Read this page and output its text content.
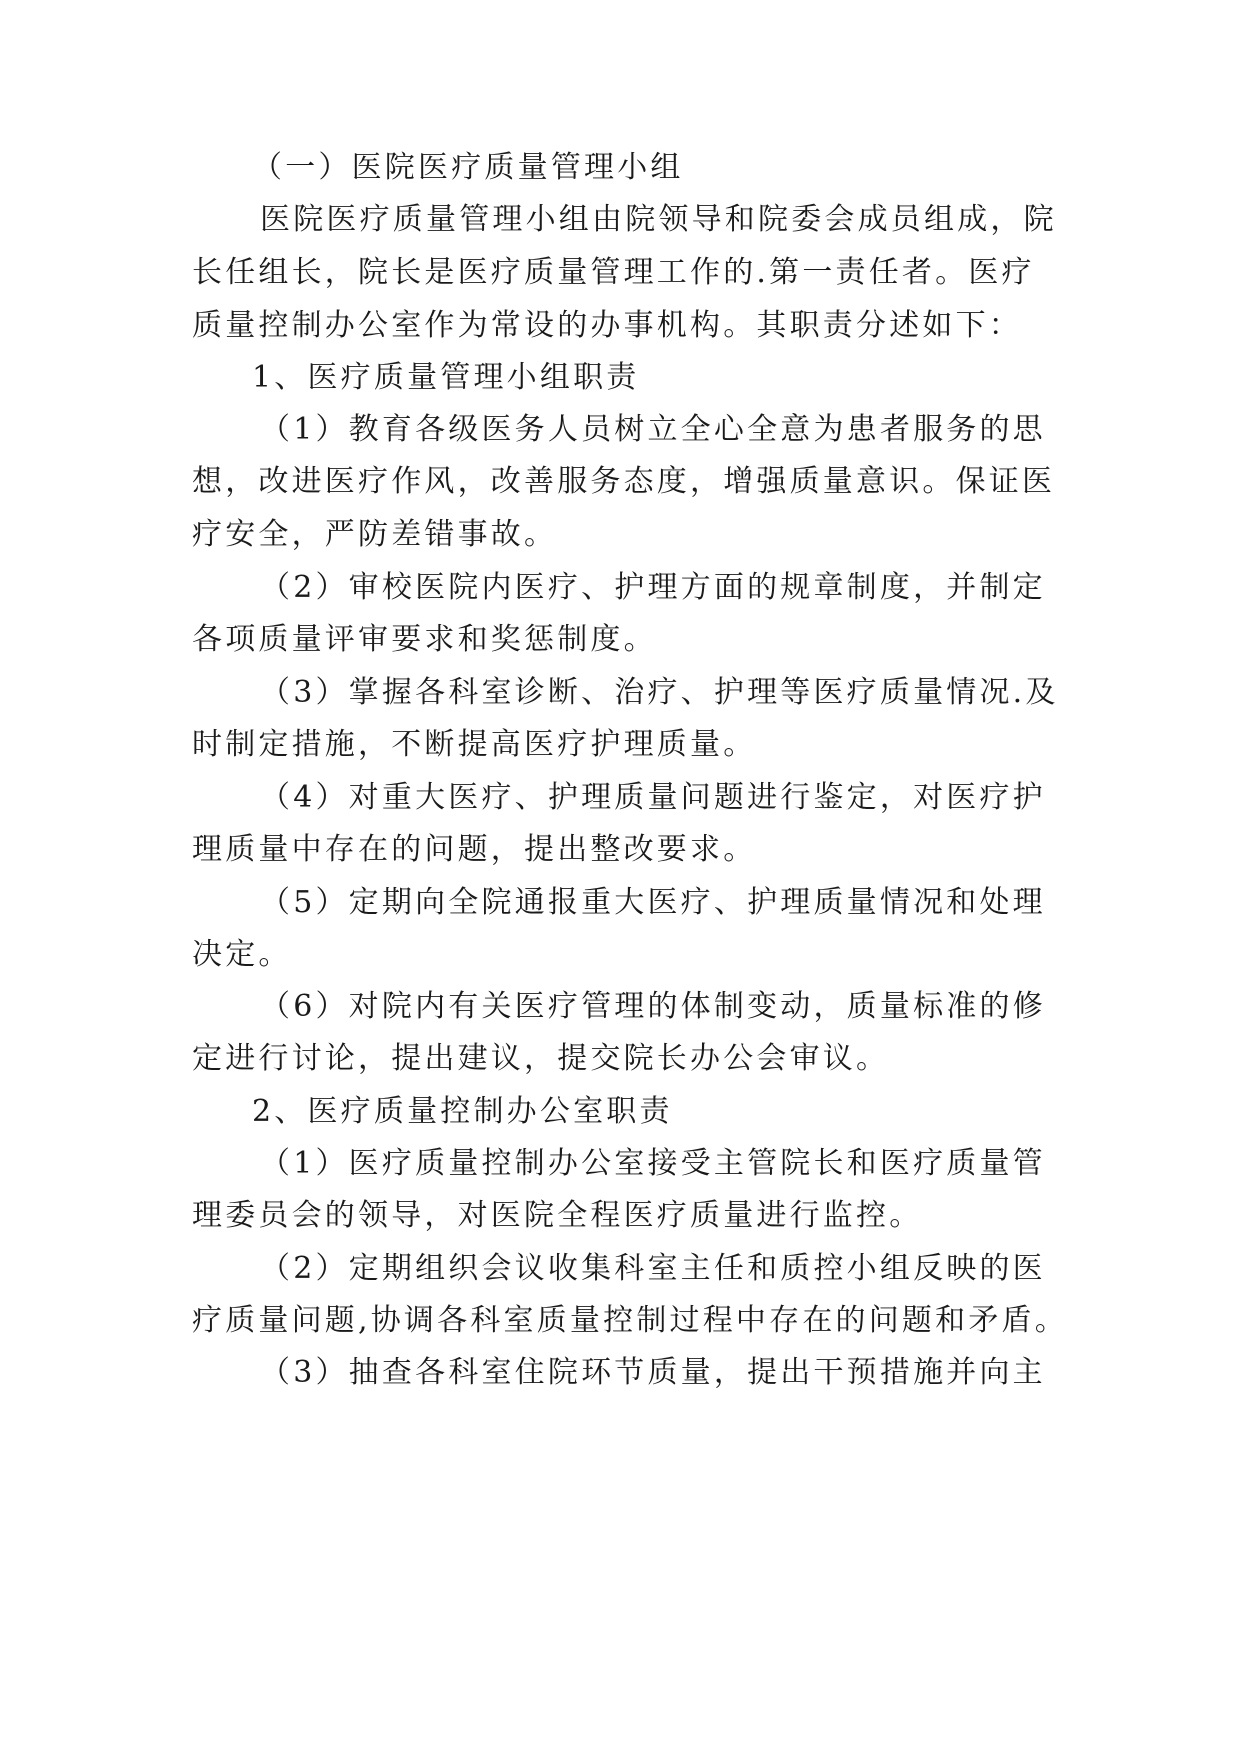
（一）医院医疗质量管理小组

医院医疗质量管理小组由院领导和院委会成员组成，院

长任组长，院长是医疗质量管理工作的.第一责任者。医疗

质量控制办公室作为常设的办事机构。其职责分述如下：

1、医疗质量管理小组职责

（1）教育各级医务人员树立全心全意为患者服务的思

想，改进医疗作风，改善服务态度，增强质量意识。保证医

疗安全，严防差错事故。

（2）审校医院内医疗、护理方面的规章制度，并制定

各项质量评审要求和奖惩制度。

（3）掌握各科室诊断、治疗、护理等医疗质量情况.及

时制定措施，不断提高医疗护理质量。

（4）对重大医疗、护理质量问题进行鉴定，对医疗护

理质量中存在的问题，提出整改要求。

（5）定期向全院通报重大医疗、护理质量情况和处理

决定。

（6）对院内有关医疗管理的体制变动，质量标准的修

定进行讨论，提出建议，提交院长办公会审议。

2、医疗质量控制办公室职责

（1）医疗质量控制办公室接受主管院长和医疗质量管

理委员会的领导，对医院全程医疗质量进行监控。

（2）定期组织会议收集科室主任和质控小组反映的医

疗质量问题,协调各科室质量控制过程中存在的问题和矛盾。

（3）抽查各科室住院环节质量，提出干预措施并向主
